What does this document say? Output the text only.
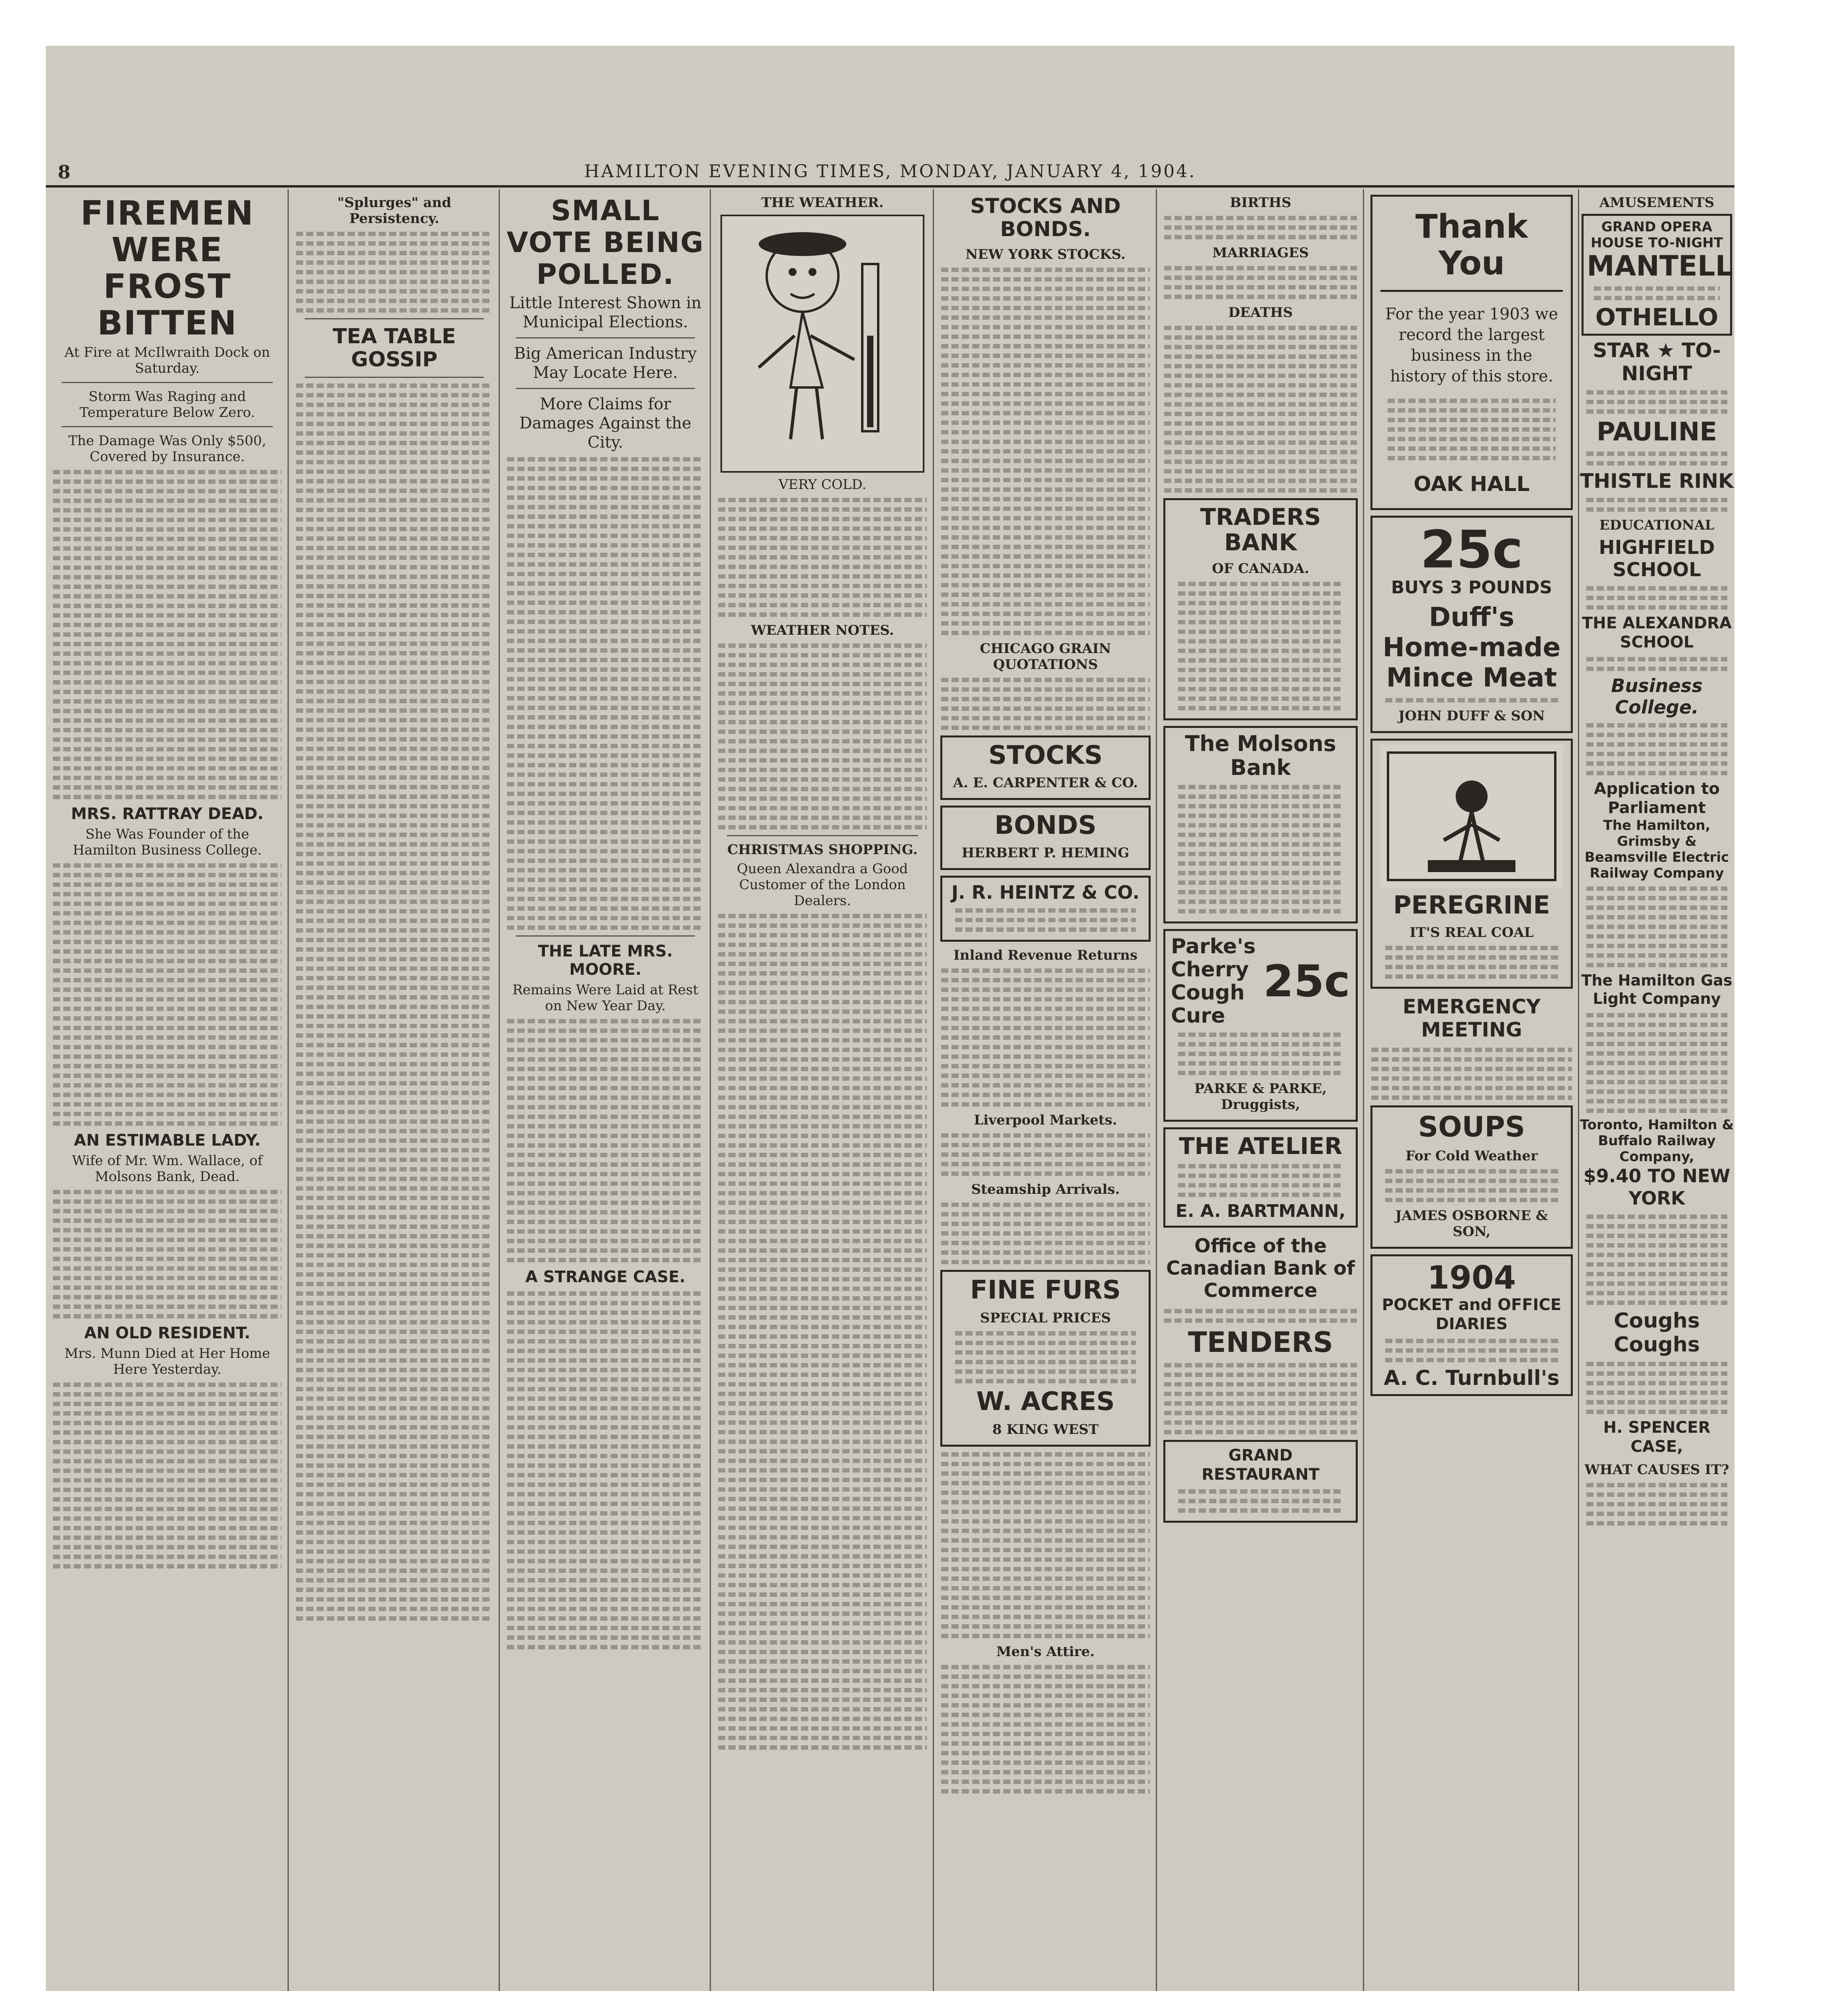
8	HAMILTON EVENING TIMES, MONDAY, JANUARY 4, 1904.
FIREMEN WERE FROST BITTEN
At Fire at McIlwraith Dock on Saturday.
Storm Was Raging and Temperature Below Zero.
The Damage Was Only $500, Covered by Insurance.
MRS. RATTRAY DEAD.
She Was Founder of the Hamilton Business College.
AN ESTIMABLE LADY.
Wife of Mr. Wm. Wallace, of Molsons Bank, Dead.
AN OLD RESIDENT.
Mrs. Munn Died at Her Home Here Yesterday.
"Splurges" and Persistency.
TEA TABLE GOSSIP
SMALL VOTE BEING POLLED.
Little Interest Shown in Municipal Elections.
Big American Industry May Locate Here.
More Claims for Damages Against the City.
THE LATE MRS. MOORE.
Remains Were Laid at Rest on New Year Day.
A STRANGE CASE.
THE WEATHER.
VERY COLD.
WEATHER NOTES.
CHRISTMAS SHOPPING.
Queen Alexandra a Good Customer of the London Dealers.
STOCKS AND BONDS.
NEW YORK STOCKS.
CHICAGO GRAIN QUOTATIONS
STOCKS
A. E. CARPENTER & CO.
BONDS
HERBERT P. HEMING
J. R. HEINTZ & CO.
Inland Revenue Returns
Liverpool Markets.
Steamship Arrivals.
FINE FURS
SPECIAL PRICES
W. ACRES
8 KING WEST
Men's Attire.
BIRTHS
MARRIAGES
DEATHS
TRADERS BANK
OF CANADA.
The Molsons Bank
Parke's Cherry Cough Cure
25c
PARKE & PARKE, Druggists,
THE ATELIER
E. A. BARTMANN,
Office of the Canadian Bank of Commerce
TENDERS
GRAND RESTAURANT
Thank You
For the year 1903 we record the largest business in the history of this store.
OAK HALL
25c
BUYS 3 POUNDS
Duff's Home-made Mince Meat
JOHN DUFF & SON
PEREGRINE
IT'S REAL COAL
EMERGENCY MEETING
SOUPS
For Cold Weather
JAMES OSBORNE & SON,
1904
POCKET and OFFICE DIARIES
A. C. Turnbull's
AMUSEMENTS
GRAND OPERA HOUSE TO-NIGHT
MANTELL
OTHELLO
STAR ★ TO-NIGHT
PAULINE
THISTLE RINK
EDUCATIONAL
HIGHFIELD SCHOOL
THE ALEXANDRA SCHOOL
Business College.
Application to Parliament
The Hamilton, Grimsby & Beamsville Electric Railway Company
The Hamilton Gas Light Company
Toronto, Hamilton & Buffalo Railway Company,
$9.40 TO NEW YORK
Coughs Coughs
H. SPENCER CASE,
WHAT CAUSES IT?
